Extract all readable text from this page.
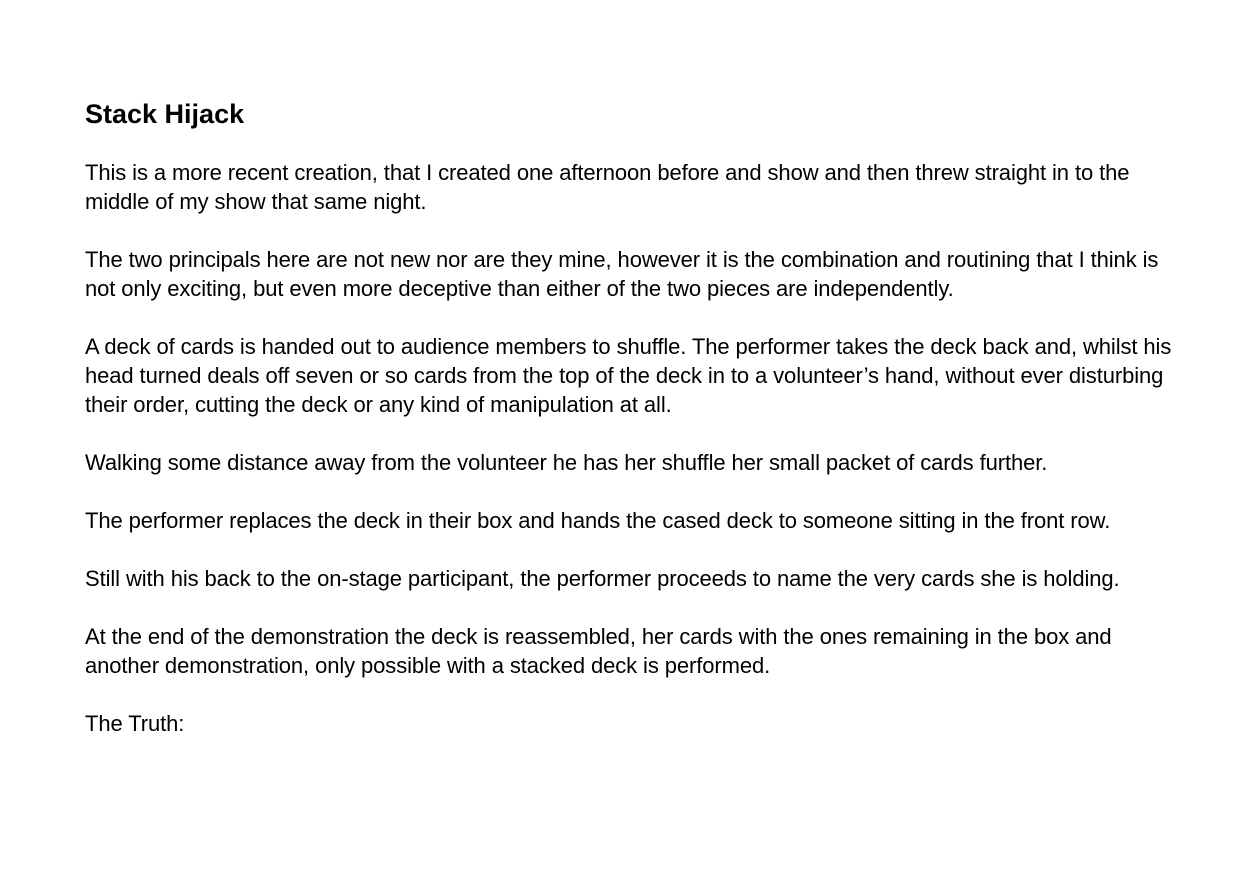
Stack Hijack

This is a more recent creation, that I created one afternoon before and show and then threw straight in to the middle of my show that same night.

The two principals here are not new nor are they mine, however it is the combination and routining that I think is not only exciting, but even more deceptive than either of the two pieces are independently.

A deck of cards is handed out to audience members to shuffle. The performer takes the deck back and, whilst his head turned deals off seven or so cards from the top of the deck in to a volunteer’s hand, without ever disturbing their order, cutting the deck or any kind of manipulation at all.

Walking some distance away from the volunteer he has her shuffle her small packet of cards further.

The performer replaces the deck in their box and hands the cased deck to someone sitting in the front row.

Still with his back to the on-stage participant, the performer proceeds to name the very cards she is holding.

At the end of the demonstration the deck is reassembled, her cards with the ones remaining in the box and another demonstration, only possible with a stacked deck is performed.

The Truth:
